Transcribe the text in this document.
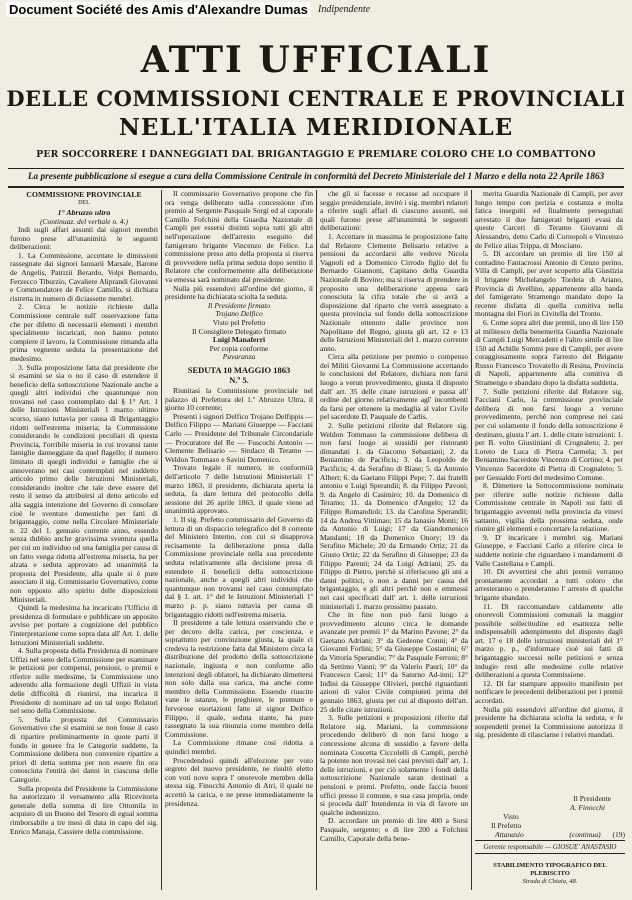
Document Société des Amis d'Alexandre Dumas	Indipendente
ATTI UFFICIALI
DELLE COMMISSIONI CENTRALE E PROVINCIALI
NELL'ITALIA MERIDIONALE
PER SOCCORRERE I DANNEGGIATI DAL BRIGANTAGGIO E PREMIARE COLORO CHE LO COMBATTONO
La presente pubblicazione si esegue a cura della Commissione Centrale in conformità del Decreto Ministeriale del 1 Marzo e della nota 22 Aprile 1863
COMMISSIONE PROVINCIALE
DEL
1° Abruzzo ultra
(Continuaz. del verbale n. 4.)

Indi sugli affari assunti dai signori membri furono prese all'unanimità le seguenti deliberazioni:

1. La Commissione, accettate le dimissioni rassegnate dai signori Ianuarii Marsale, Barone de Angelis, Patrizii Berardo, Volpi Bernardo, Ferzecco Tiburzio, Cavaliere Aliprandi Giovanni e Commendatore de Felice Camillo, si dichiara ristretta in numero di diciassette membri.

2. Circa le notizie richieste dalla Commissione centrale sull' osservazione fatta che per difetto di necessarii elementi i membri specialmente incaricati, non hanno potuto compiere il lavoro, la Commissione rimanda alla prima vegnente seduta la presentazione del medesimo.

3. Sulla proposizione fatta dal presidente che si esamini se sia o no il caso di estendere il beneficio della sottoscrizione Nazionale anche a quegli altri individui che quantunque non trovansi nel caso contemplato dal § 1° Art. 1 delle Istruzioni Ministeriali 1 marzo ultimo scorso, siano tuttavia per causa di Brigantaggio ridotti nell'estrema miseria; la Commissione considerando le condizioni peculiari di questa Provincia, l'orribile miseria in cui trovansi tante famiglie danneggiate da quel flagello; il numero limitato di quegli individui e famiglie che si annoverano nei casi contemplati nel suddetto articolo primo delle Istruzioni Ministeriali, considerando inoltre che tale deve essere del resto il senso da attribuirsi al detto articolo ed alla saggia intenzione del Governo di consolare cioè le sventure domestiche per fatti di brigantaggio, come nella Circolare Ministeriale n. 22 del 1. gennaio corrente anno, essendo senza dubbio anche gravissima sventura quella per cui un individuo od una famiglia per causa di un fatto venga ridotta all'estrema miseria, ha per alzata e seduta approvato ad unanimità la proposta del Presidente, alla quale si è pure associato il sig. Commissario Governativo, come non opposto allo spirito delle disposizioni Ministeriali.

Quindi la medesima ha incaricato l'Ufficio di presidenza di formulare e pubblicare un apposito avviso per portare a cognizione del pubblico l'interpretazione come sopra data all' Art. 1. delle Istruzioni Ministeriali suddette.

4. Sulla proposta della Presidenza di nominare Uffizi nel seno della Commissione per esaminare le petizioni per compensi, pensioni, o premii e riferire sulle medesime, la Commissione uno aderendo alla formazione degli Uffizii in vista delle difficoltà di riunirsi, ma incarica il Presidente di nominare ad un tal uopo Relatori nel seno della Commissione.

5. Sulla proposta del Commissario Governativo che si esamini se non fosse il caso di ripartire preliminarmente in quote parti il fondo in genere fra le Categorie suddette, la Commissione delibera non convenire ripartire a priori di detta somma per non essere fin ora conosciuta l'entità dei danni in ciascuna delle Categorie.

Sulla proposta del Presidente la Commissione ha autorizzato il versamento alla Ricevitoria generale della somma di lire Ottomila in acquisto di un Buono del Tesoro di egual somma rimborsabile a tre mesi di data in capo del sig. Enrico Manaja, Cassiere della commissione.

Il commissario Governativo propone che fin ora venga deliberato sulla concessione d'un premio al Sergente Pasquale Sorgi ed al caporale Camillo Fofchini della Guardia Nazionale di Campli per essersi distinti sopra tutti gli altri nell'operazione dell'arresto eseguito del famigerato brigante Vincenzo de Felice. La commissione preso atto della proposta si riserva di provvedere nella prima seduta dopo sentito il Relatore che conformemente alla deliberazione va emessa sarà nominato dal presidente.

Nulla più essendovi all'ordine del giorno, il presidente ha dichiarata sciolta la seduta.

Il Presidente firmato

Trojano Delfico

Visto pel Prefetto

Il Consigliere Delegato firmato

Luigi Manaferri

Per copia conforme

Pavaranza

SEDUTA 10 MAGGIO 1863
N.º 5.

Riunitasi la Commissione provinciale nel palazzo di Prefettura del 1.º Abruzzo Ultra, il giorno 10 corrente;

Presenti i signori Delfico Trojano Delfippis — Delfico Filippo — Mariani Giuseppe — Facciani Carlo — Presidente del Tribunale Circondariale — Procuratore del Re — Fuscochi Antonio — Clemente Belisario — Sindaco di Teramo — Weldon Tommaso e Savini Domenico.

Trovato legale il numero, in conformità dell'articolo 7 delle Istruzioni Ministeriali 1º marzo 1863, il presidente, dichiarata aperta la seduta, fa dare lettura del protocollo della sessione del 26 aprile 1863, il quale viene ad unanimità approvato.

1. Il sig. Prefetto commissario del Governo dà lettura di un dispaccio telegrafico del 8 corrente del Ministero Interno, con cui si disapprova recisamente la deliberazione presa dalla Commissione provinciale nella sua precedente seduta relativamente alla decisione presa di estendere il beneficii della sottoscrizione nazionale, anche a quegli altri individui che quantunque non trovansi nel caso contemplato dal § 1. art. 1° del le Istruzioni Ministeriali 1º marzo p. p. siano tuttavia per causa di brigantaggio ridotti nell'estrema miseria.

Il presidente a tale lettura osservando che e per decoro della carica, per coscienza, e soprattutto per convinzione giusta, la quale ci credeva la restrizione fatta dal Ministero circa la distribuzione del prodotto della sottoscrizione nazionale, ingiusta e non conforme allo intenzioni degli oblatori, ha dichiarato dimettersi non solo dalla sua carica, ma anche come membro della Commissione. Essendo riuscite vane le istanze, le preghiere, le premure e fervorose esortazioni fatte al signor Delfico Filippo, il quale, seduta stante, ha pure rassegnato la sua rinunzia come membro della Commissione.

La Commissione rimane così ridotta a quindici membri.

Procedendosi quindi all'elezione per voto segreto del nuovo presidente, ne risultò eletto con voti nove sopra l' onorevole membro della stessa sig. Finocchi Antonio di Atri, il quale ne accettò la carica, e ne prese immediatamente la presidenza.

che gli si facesse e recasse ad occupare il seggio presidenziale, invitò i sig. membri relatori a riferire sugli affari di ciascuno assunti, sui quali furono prese all'unanimità le seguenti deliberazioni:

1. Accettare in massima le proposizione fatte dal Relatore Clemente Belisario relative a pensioni da accordarsi alle vedove Nicola Vagnoli ed a Domenico Cirrodo figlio del fu Bernardo Giannoni, Capitano della Guardia Nazionale di Bovino; ma si riserva di prendere in proposito una deliberazione appena sarà conosciuta la cifra totale che si avrà a disposizione dal riparto che verrà assegnato a questa provincia sul fondo della sottoscrizione Nazionale ottenuto dalle province non Napolitane del Regno, giusta gli art. 12 e 13 delle Istruzioni Ministeriali del 1. marzo corrente anno.

Circa alla petizione per premio o compenso dei Militi Giovanni La Commissione accettando le conclusioni del Relatore, dichiara non farsi luogo a verun provvedimento, giusta il disposto dall' art. 35 delle citate istruzioni e passa all' ordine del giorno relativamente agl' incombenti da farsi per ottenere la medaglia al valor Civile pel sacerdote D. Pasquale de Carlis.

2. Sulle petizioni riferite dal Relatore sig. Weldon Tommaso la commissione delibera di non farsi luogo ai sussidii per ristoranti dimandati 1. da Giacomo Sebastiani; 2. da Beniamino de Pacificis; 3. da Leopoldo de Pacificis; 4. da Serafino di Biase; 5. da Antonio Albert; 6. da Gaetano Filippi Pepe; 7. dai fratelli antonio e Luigi Sperandii; 8. da Filippo Pavoni; 9. da Angelo di Casimiro; 10. da Domenico di Teramo; 11. da Domenico d'Angelo; 12 da Filippo Romandioli; 13. da Carolina Sperandii; 14 da Andrea Vittimao; 15 da Ianasio Monti; 16 da Antonio di Luigi; 17 da Giandomenico Mandanti; 18 da Domenico Onory; 19 da Serafino Michele; 20 da Ermando Ortiz; 21 da Giusto Ortiz; 22 da Serafino di Giuseppe; 23 da Filippo Parenti; 24 da Luigi Adriani; 25. da Filippo di Pietro, perchè si riferiscono gli uni a danni politici, o non a danni per causa del brigantaggio, e gli altri perchè non e emmessi nei casi specificati dall' art. 1. delle istruzioni ministeriali 1. marzo prossimo passato.

Che in fine non può farsi luogo a provvedimento alcuno circa le domande avanzate per premii 1° da Marino Pavone; 2° da Gaetano Adriani; 3° da Gedeone Conni; 4° da Giovanni Forlini; 5° da Giuseppe Costantini; 6° da Vittoria Sperandio; 7° da Pasquale Ferroni; 8° da Settimo Vanni; 9° da Valerio Pauri; 10° da Francesco Caesi; 11° da Saturno Ad-inni; 12° Inđini da Giuseppe Olivieri, perchè riguardanti azioni di valor Civile compiuteti prima del gennaio 1863, giusta per cui al disposto dell'art. 25 delle citate istruzioni.

3. Sulle petizioni e proposizioni riferite dal Relatore sig. Mariani, la commissione procedendo deliberò di non farsi luogo a concessione alcuna di sussidio a favore della nominata Coscetta Ciccolelli di Campli, perchè la potente non trovasi nei casi previsti dall' art. 1. delle istruzioni, e per ciò solamente i fondi della sottoscrizione Nazionale saran destinati a pensioni e premi. Prefetto, onde faccia buoni uffici presso il comune, e sua casa propria, onde si proceda dall' Intendenza in via di favore un qualche indennizzo.

D. accordare un premio di lire 400 a Sorsi Pasquale, sergente; e di lire 200 a Fofchini Camillo, Caporale della bene-

merita Guardia Nazionale di Campli, per aver lungo tempo con perizia e costanza e molta fatica inseguiti ed finalmente perseguitati arrestato il due famigerati briganti evasi da queste Carceri di Teramo Giovanni di Alessandro, detto Carlo di Cornopoli e Vincenzo de Felice alias Trippa, di Mosciano.

5. Di accordare un premio di lire 150 al contadino Fantacrossi Antonio di Cenzo perino, Villa di Campli, per aver scoperto alla Giustizia il brigante Michelangelo Tordeia di Ariano, Provincia di Avellino, appartenente alla banda del famigerato Stramengo mandato dopo la recente disfatta di quella comitiva nella montagna dei Fiori in Civitella del Tronto.

6. Come sopra altri due premii, uno di lire 150 al militesco della benemerita Guardia Nazionale di Campli Luigi Mercadetti e l'altro simile di lire 150 ad Achille Sommi pure di Campli, per avere coraggiosamente sopra l'arresto del Brigante Russo Francesco Trovatello di Resina, Provincia di Napoli, appartenente alla comitiva di Stramengo e sbandato dopo la disfatta suddetta.

7. Sulle petizioni riferite dal Relatore sig. Facciani Carlo, la commissione provinciale delibera di non farsi luogo a veruno provvedimento, perchè non comprese nei casi per cui solamente il fondo della sottoscrizione è destinato, giusta l' art. 1. delle citate istruzioni: 1. per B. volto Giustiniani di Crognaleto; 2. per Loreto de Luca di Pietra Carmela; 3. per Beniamino Sacerdote Vincenzo di Cortino; 4. per Vincenzo Sacerdote di Pietra di Crognaleto; 5. per Gesualdo Forti del medesimo Comune.

8. Dimettere la Sottocommissione nominata per riferire sulle notizie richieste dalla Commissione centrale in Napoli sui fatti di brigantaggio avvenuti nella provincia da vinevi sattanto, vigilia della prossima seduta, onde riunire gli elementi e concertare la relazione.

9. D' incaricare i membri sig. Mariani Giuseppe, e Facciani Carlo a riferire circa le suddette notizie che riguardano i mandamenti di Valle Castellana e Campli.

10. Di avvertirsi che altri premii verranno prontamente accordati a tutti coloro che arresteranno o prenderanno l' arresto di qualche brigante sbandato.

11. Di raccomandare caldamente alle onorevoli Commissioni comunali la maggior possibile sollecitudine ed esattezza nelle indispensabili adempimento del disposto dagli art. 17 e 18 delle istruzioni ministeriali del 1° marzo p. p., d'informare cioè sui fatti di brigantaggio successi nelle petizioni e senza indugio resti alle medesime colle relative deliberazioni a questa Commissione.

12. Di far stampare apposito manifesto per notificare le precedenti deliberazioni per i premii accordati.

Nulla più essendovi all'ordine del giorno, il presidente ha dichiarata sciolta la seduta, e fe sospendetti prenei la Commissione autorizza il sig. presidente di rilasciarne i relativi mandati.

Il Presidente
A. Finocchi
Visto
Il Prefetto
Attanasio	(continua) (19)
Gerente responsabile — GIOSUE' ANASTASIO
STABILIMENTO TIPOGRAFICO DEL PLEBISCITO
Strada di Chiaia, 48.
